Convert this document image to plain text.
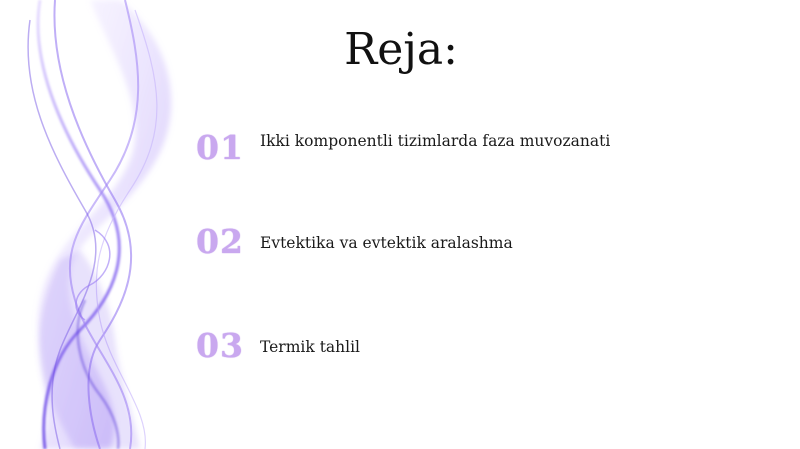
Reja:
01 Ikki komponentli tizimlarda faza muvozanati
02 Evtektika va evtektik aralashma
03 Termik tahlil
